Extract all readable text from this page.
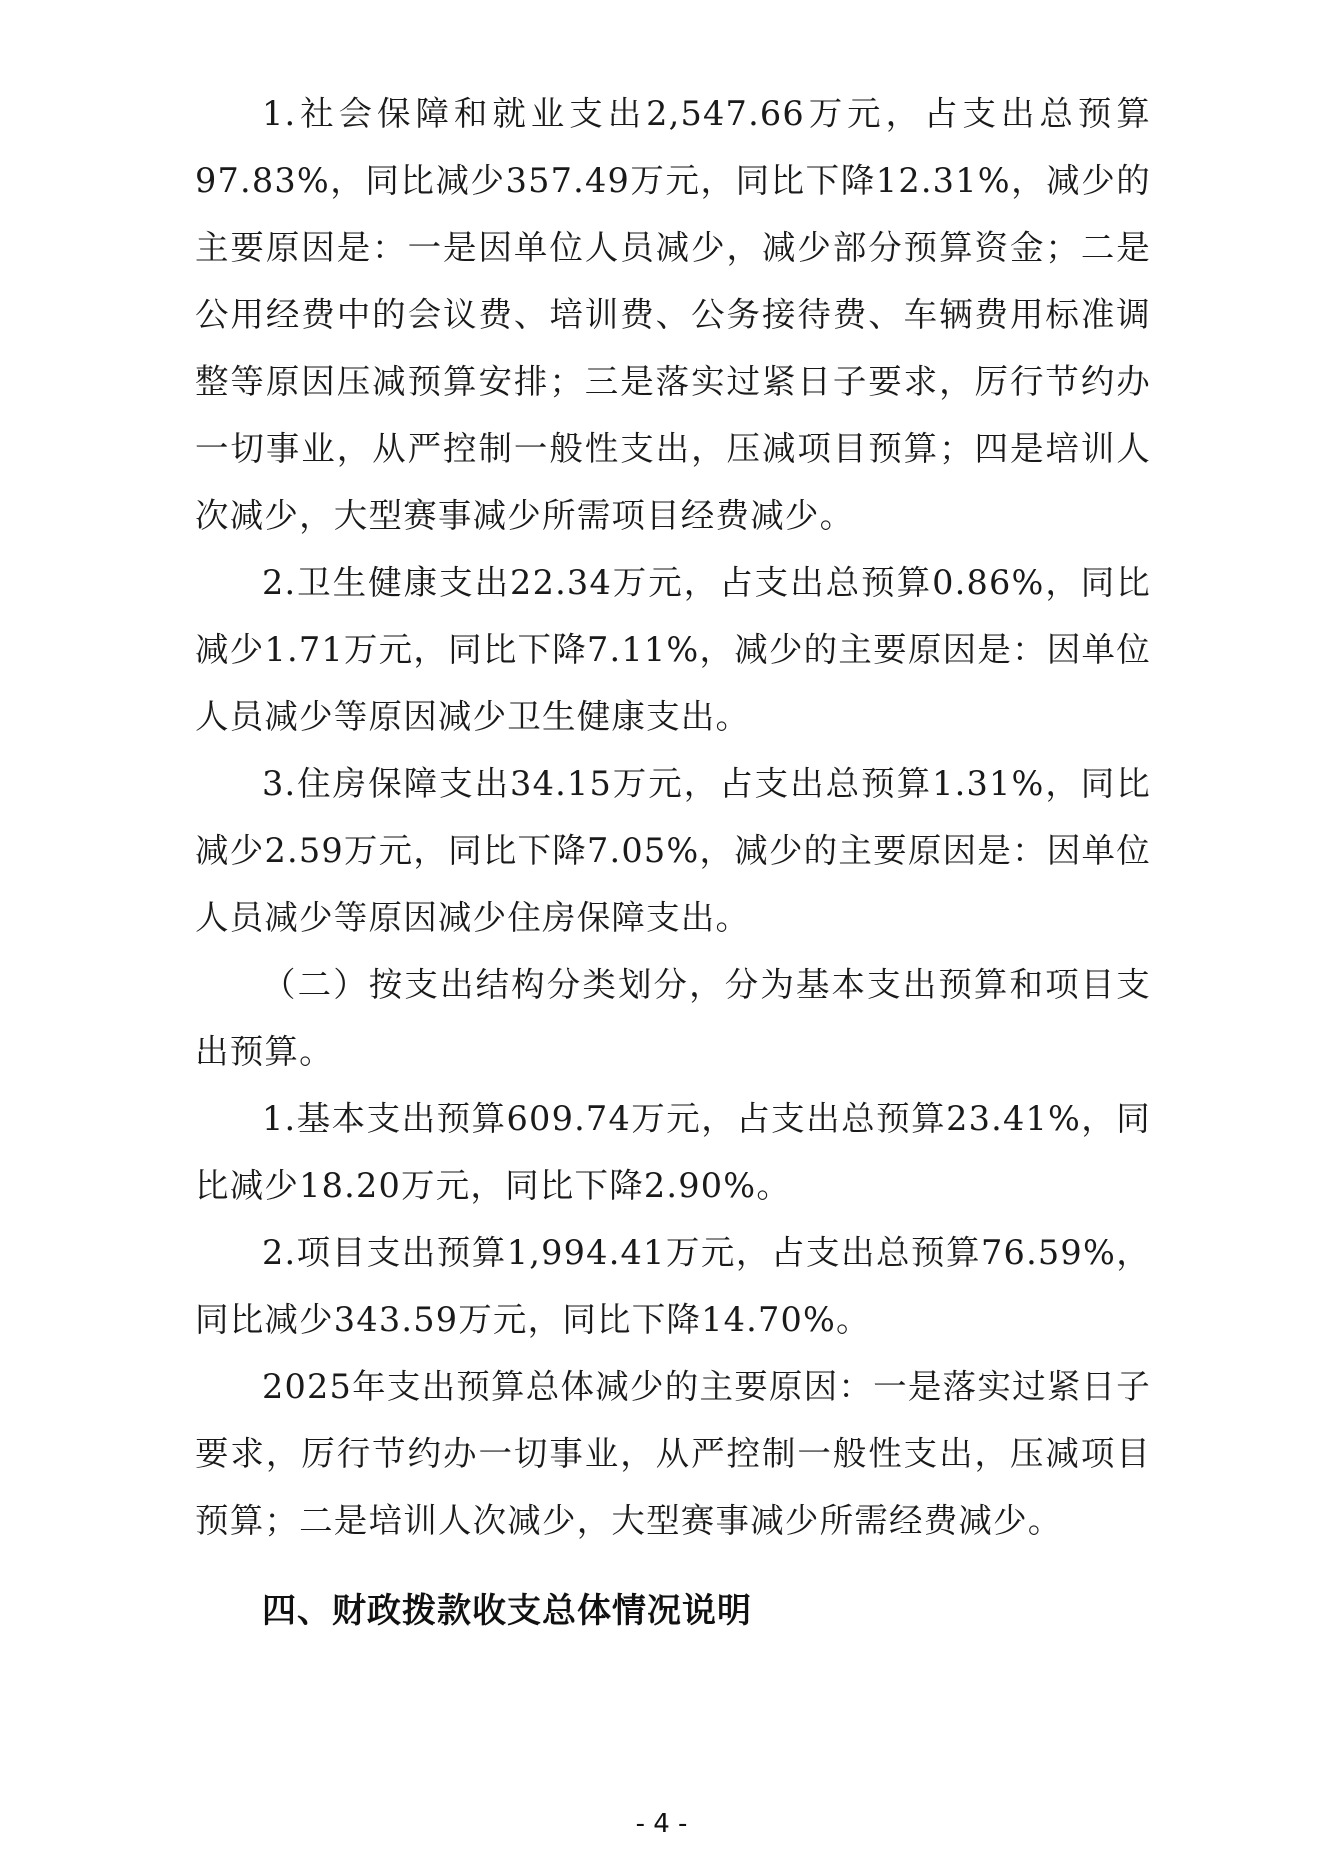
1.社会保障和就业支出2,547.66万元，占支出总预算97.83%，同比减少357.49万元，同比下降12.31%，减少的主要原因是：一是因单位人员减少，减少部分预算资金；二是公用经费中的会议费、培训费、公务接待费、车辆费用标准调整等原因压减预算安排；三是落实过紧日子要求，厉行节约办一切事业，从严控制一般性支出，压减项目预算；四是培训人次减少，大型赛事减少所需项目经费减少。

2.卫生健康支出22.34万元，占支出总预算0.86%，同比减少1.71万元，同比下降7.11%，减少的主要原因是：因单位人员减少等原因减少卫生健康支出。

3.住房保障支出34.15万元，占支出总预算1.31%，同比减少2.59万元，同比下降7.05%，减少的主要原因是：因单位人员减少等原因减少住房保障支出。

（二）按支出结构分类划分，分为基本支出预算和项目支出预算。

1.基本支出预算609.74万元，占支出总预算23.41%，同比减少18.20万元，同比下降2.90%。

2.项目支出预算1,994.41万元，占支出总预算76.59%，同比减少343.59万元，同比下降14.70%。

2025年支出预算总体减少的主要原因：一是落实过紧日子要求，厉行节约办一切事业，从严控制一般性支出，压减项目预算；二是培训人次减少，大型赛事减少所需经费减少。

四、财政拨款收支总体情况说明
- 4 -
